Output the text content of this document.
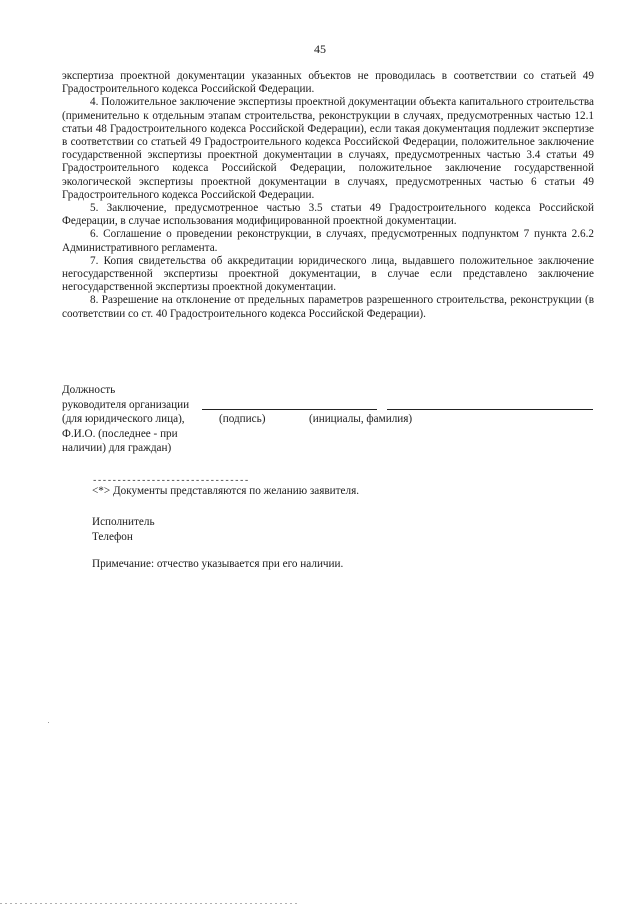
45

экспертиза проектной документации указанных объектов не проводилась в соответствии со статьей 49 Градостроительного кодекса Российской Федерации.

4. Положительное заключение экспертизы проектной документации объекта капитального строительства (применительно к отдельным этапам строительства, реконструкции в случаях, предусмотренных частью 12.1 статьи 48 Градостроительного кодекса Российской Федерации), если такая документация подлежит экспертизе в соответствии со статьей 49 Градостроительного кодекса Российской Федерации, положительное заключение государственной экспертизы проектной документации в случаях, предусмотренных частью 3.4 статьи 49 Градостроительного кодекса Российской Федерации, положительное заключение государственной экологической экспертизы проектной документации в случаях, предусмотренных частью 6 статьи 49 Градостроительного кодекса Российской Федерации.

5. Заключение, предусмотренное частью 3.5 статьи 49 Градостроительного кодекса Российской Федерации, в случае использования модифицированной проектной документации.

6. Соглашение о проведении реконструкции, в случаях, предусмотренных подпунктом 7 пункта 2.6.2 Административного регламента.

7. Копия свидетельства об аккредитации юридического лица, выдавшего положительное заключение негосударственной экспертизы проектной документации, в случае если представлено заключение негосударственной экспертизы проектной документации.

8. Разрешение на отклонение от предельных параметров разрешенного строительства, реконструкции (в соответствии со ст. 40 Градостроительного кодекса Российской Федерации).

Должность
руководителя организации
(для юридического лица),	(подпись)	(инициалы, фамилия)
Ф.И.О. (последнее - при
наличии) для граждан)
--------------------------------
<*> Документы представляются по желанию заявителя.
Исполнитель
Телефон
Примечание: отчество указывается при его наличии.
